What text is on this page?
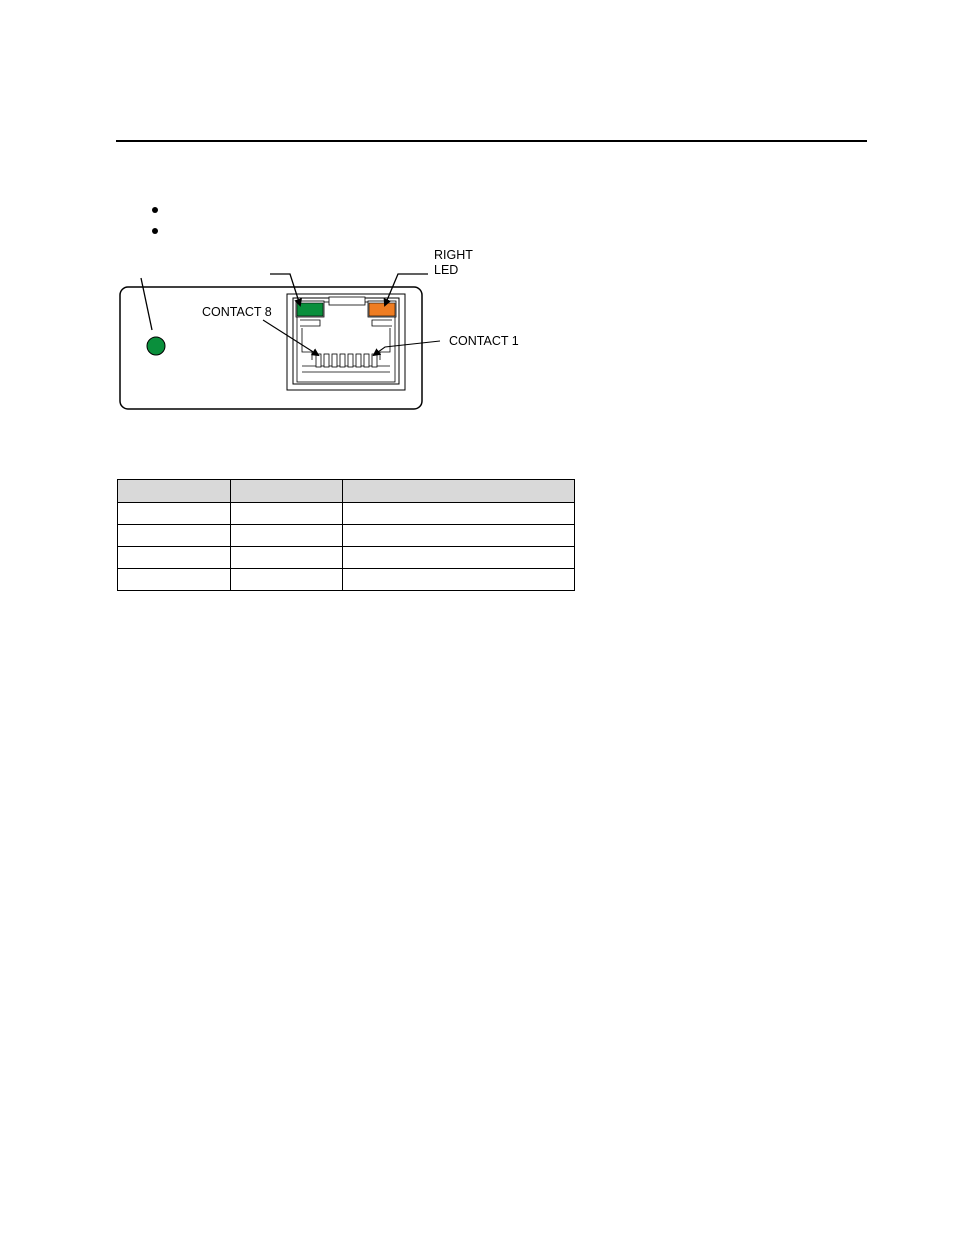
RIGHT
LED
CONTACT 8
CONTACT 1
